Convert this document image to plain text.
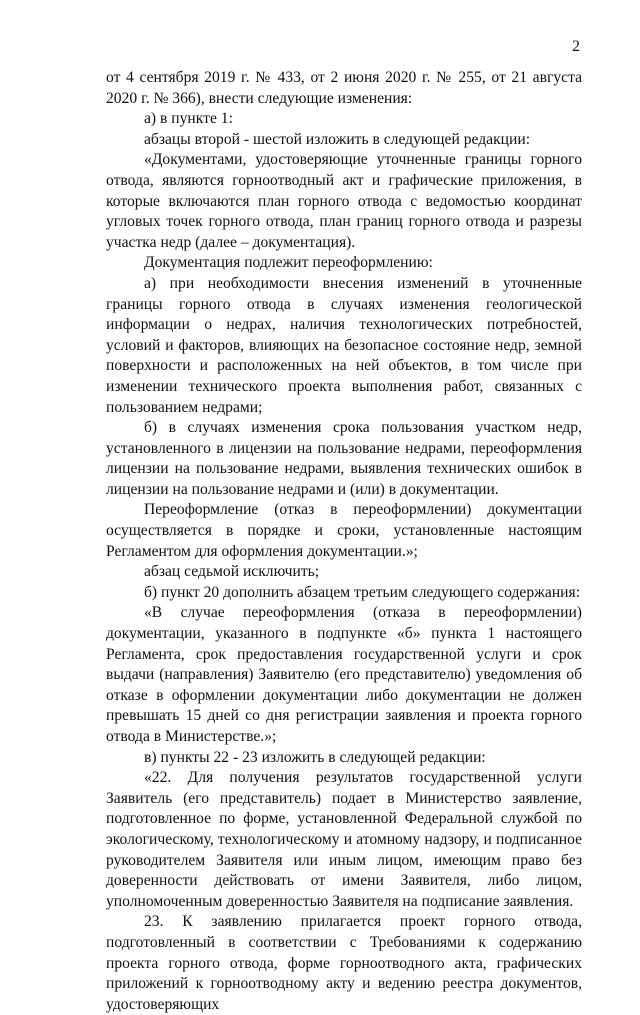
2

от 4 сентября 2019 г. № 433, от 2 июня 2020 г. № 255, от 21 августа 2020 г. № 366), внести следующие изменения:

а) в пункте 1:

абзацы второй - шестой изложить в следующей редакции:

«Документами, удостоверяющие уточненные границы горного отвода, являются горноотводный акт и графические приложения, в которые включаются план горного отвода с ведомостью координат угловых точек горного отвода, план границ горного отвода и разрезы участка недр (далее – документация).

Документация подлежит переоформлению:

а) при необходимости внесения изменений в уточненные границы горного отвода в случаях изменения геологической информации о недрах, наличия технологических потребностей, условий и факторов, влияющих на безопасное состояние недр, земной поверхности и расположенных на ней объектов, в том числе при изменении технического проекта выполнения работ, связанных с пользованием недрами;

б) в случаях изменения срока пользования участком недр, установленного в лицензии на пользование недрами, переоформления лицензии на пользование недрами, выявления технических ошибок в лицензии на пользование недрами и (или) в документации.

Переоформление (отказ в переоформлении) документации осуществляется в порядке и сроки, установленные настоящим Регламентом для оформления документации.»;

абзац седьмой исключить;

б) пункт 20 дополнить абзацем третьим следующего содержания:

«В случае переоформления (отказа в переоформлении) документации, указанного в подпункте «б» пункта 1 настоящего Регламента, срок предоставления государственной услуги и срок выдачи (направления) Заявителю (его представителю) уведомления об отказе в оформлении документации либо документации не должен превышать 15 дней со дня регистрации заявления и проекта горного отвода в Министерстве.»;

в) пункты 22 - 23 изложить в следующей редакции:

«22. Для получения результатов государственной услуги Заявитель (его представитель) подает в Министерство заявление, подготовленное по форме, установленной Федеральной службой по экологическому, технологическому и атомному надзору, и подписанное руководителем Заявителя или иным лицом, имеющим право без доверенности действовать от имени Заявителя, либо лицом, уполномоченным доверенностью Заявителя на подписание заявления.

23. К заявлению прилагается проект горного отвода, подготовленный в соответствии с Требованиями к содержанию проекта горного отвода, форме горноотводного акта, графических приложений к горноотводному акту и ведению реестра документов, удостоверяющих
